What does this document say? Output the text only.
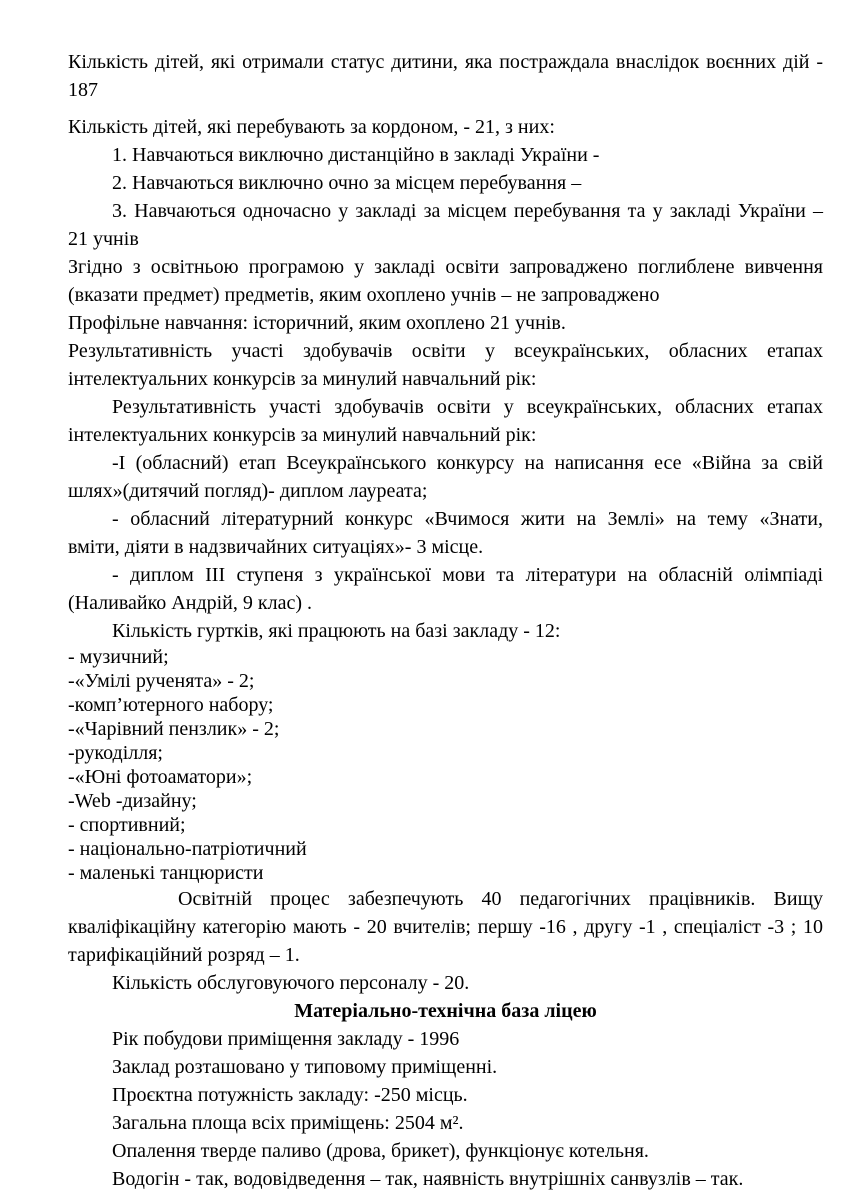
Кількість дітей, які отримали статус дитини, яка постраждала внаслідок воєнних дій -
187
Кількість дітей, які перебувають за кордоном, - 21, з них:
1. Навчаються виключно дистанційно в закладі України -
2. Навчаються виключно очно за місцем перебування –
3. Навчаються одночасно у закладі за місцем перебування та у закладі України –
21 учнів
Згідно з освітньою програмою у закладі освіти запроваджено поглиблене вивчення
(вказати предмет) предметів, яким охоплено учнів – не запроваджено
Профільне навчання: історичний, яким охоплено 21 учнів.
Результативність участі здобувачів освіти у всеукраїнських, обласних етапах
інтелектуальних конкурсів за минулий навчальний рік:
Результативність участі здобувачів освіти у всеукраїнських, обласних етапах
інтелектуальних конкурсів за минулий навчальний рік:
-І (обласний) етап Всеукраїнського конкурсу на написання есе «Війна за свій
шлях»(дитячий погляд)- диплом лауреата;
- обласний літературний конкурс «Вчимося жити на Землі» на тему «Знати,
вміти, діяти в надзвичайних ситуаціях»- 3 місце.
- диплом ІІІ ступеня з української мови та літератури на обласній олімпіаді
(Наливайко Андрій, 9 клас) .
Кількість гуртків, які працюють на базі закладу - 12:
- музичний;
-«Умілі рученята» - 2;
-комп’ютерного набору;
-«Чарівний пензлик» - 2;
-рукоділля;
-«Юні фотоаматори»;
-Web -дизайну;
- спортивний;
- національно-патріотичний
- маленькі танцюристи
Освітній процес забезпечують 40 педагогічних працівників. Вищу
кваліфікаційну категорію мають - 20 вчителів; першу -16 , другу -1 , спеціаліст -3 ; 10
тарифікаційний розряд – 1.
Кількість обслуговуючого персоналу - 20.
Матеріально-технічна база ліцею
Рік побудови приміщення закладу - 1996
Заклад розташовано у типовому приміщенні.
Проєктна потужність закладу: -250 місць.
Загальна площа всіх приміщень: 2504 м².
Опалення тверде паливо (дрова, брикет), функціонує котельня.
Водогін - так, водовідведення – так, наявність внутрішніх санвузлів – так.
